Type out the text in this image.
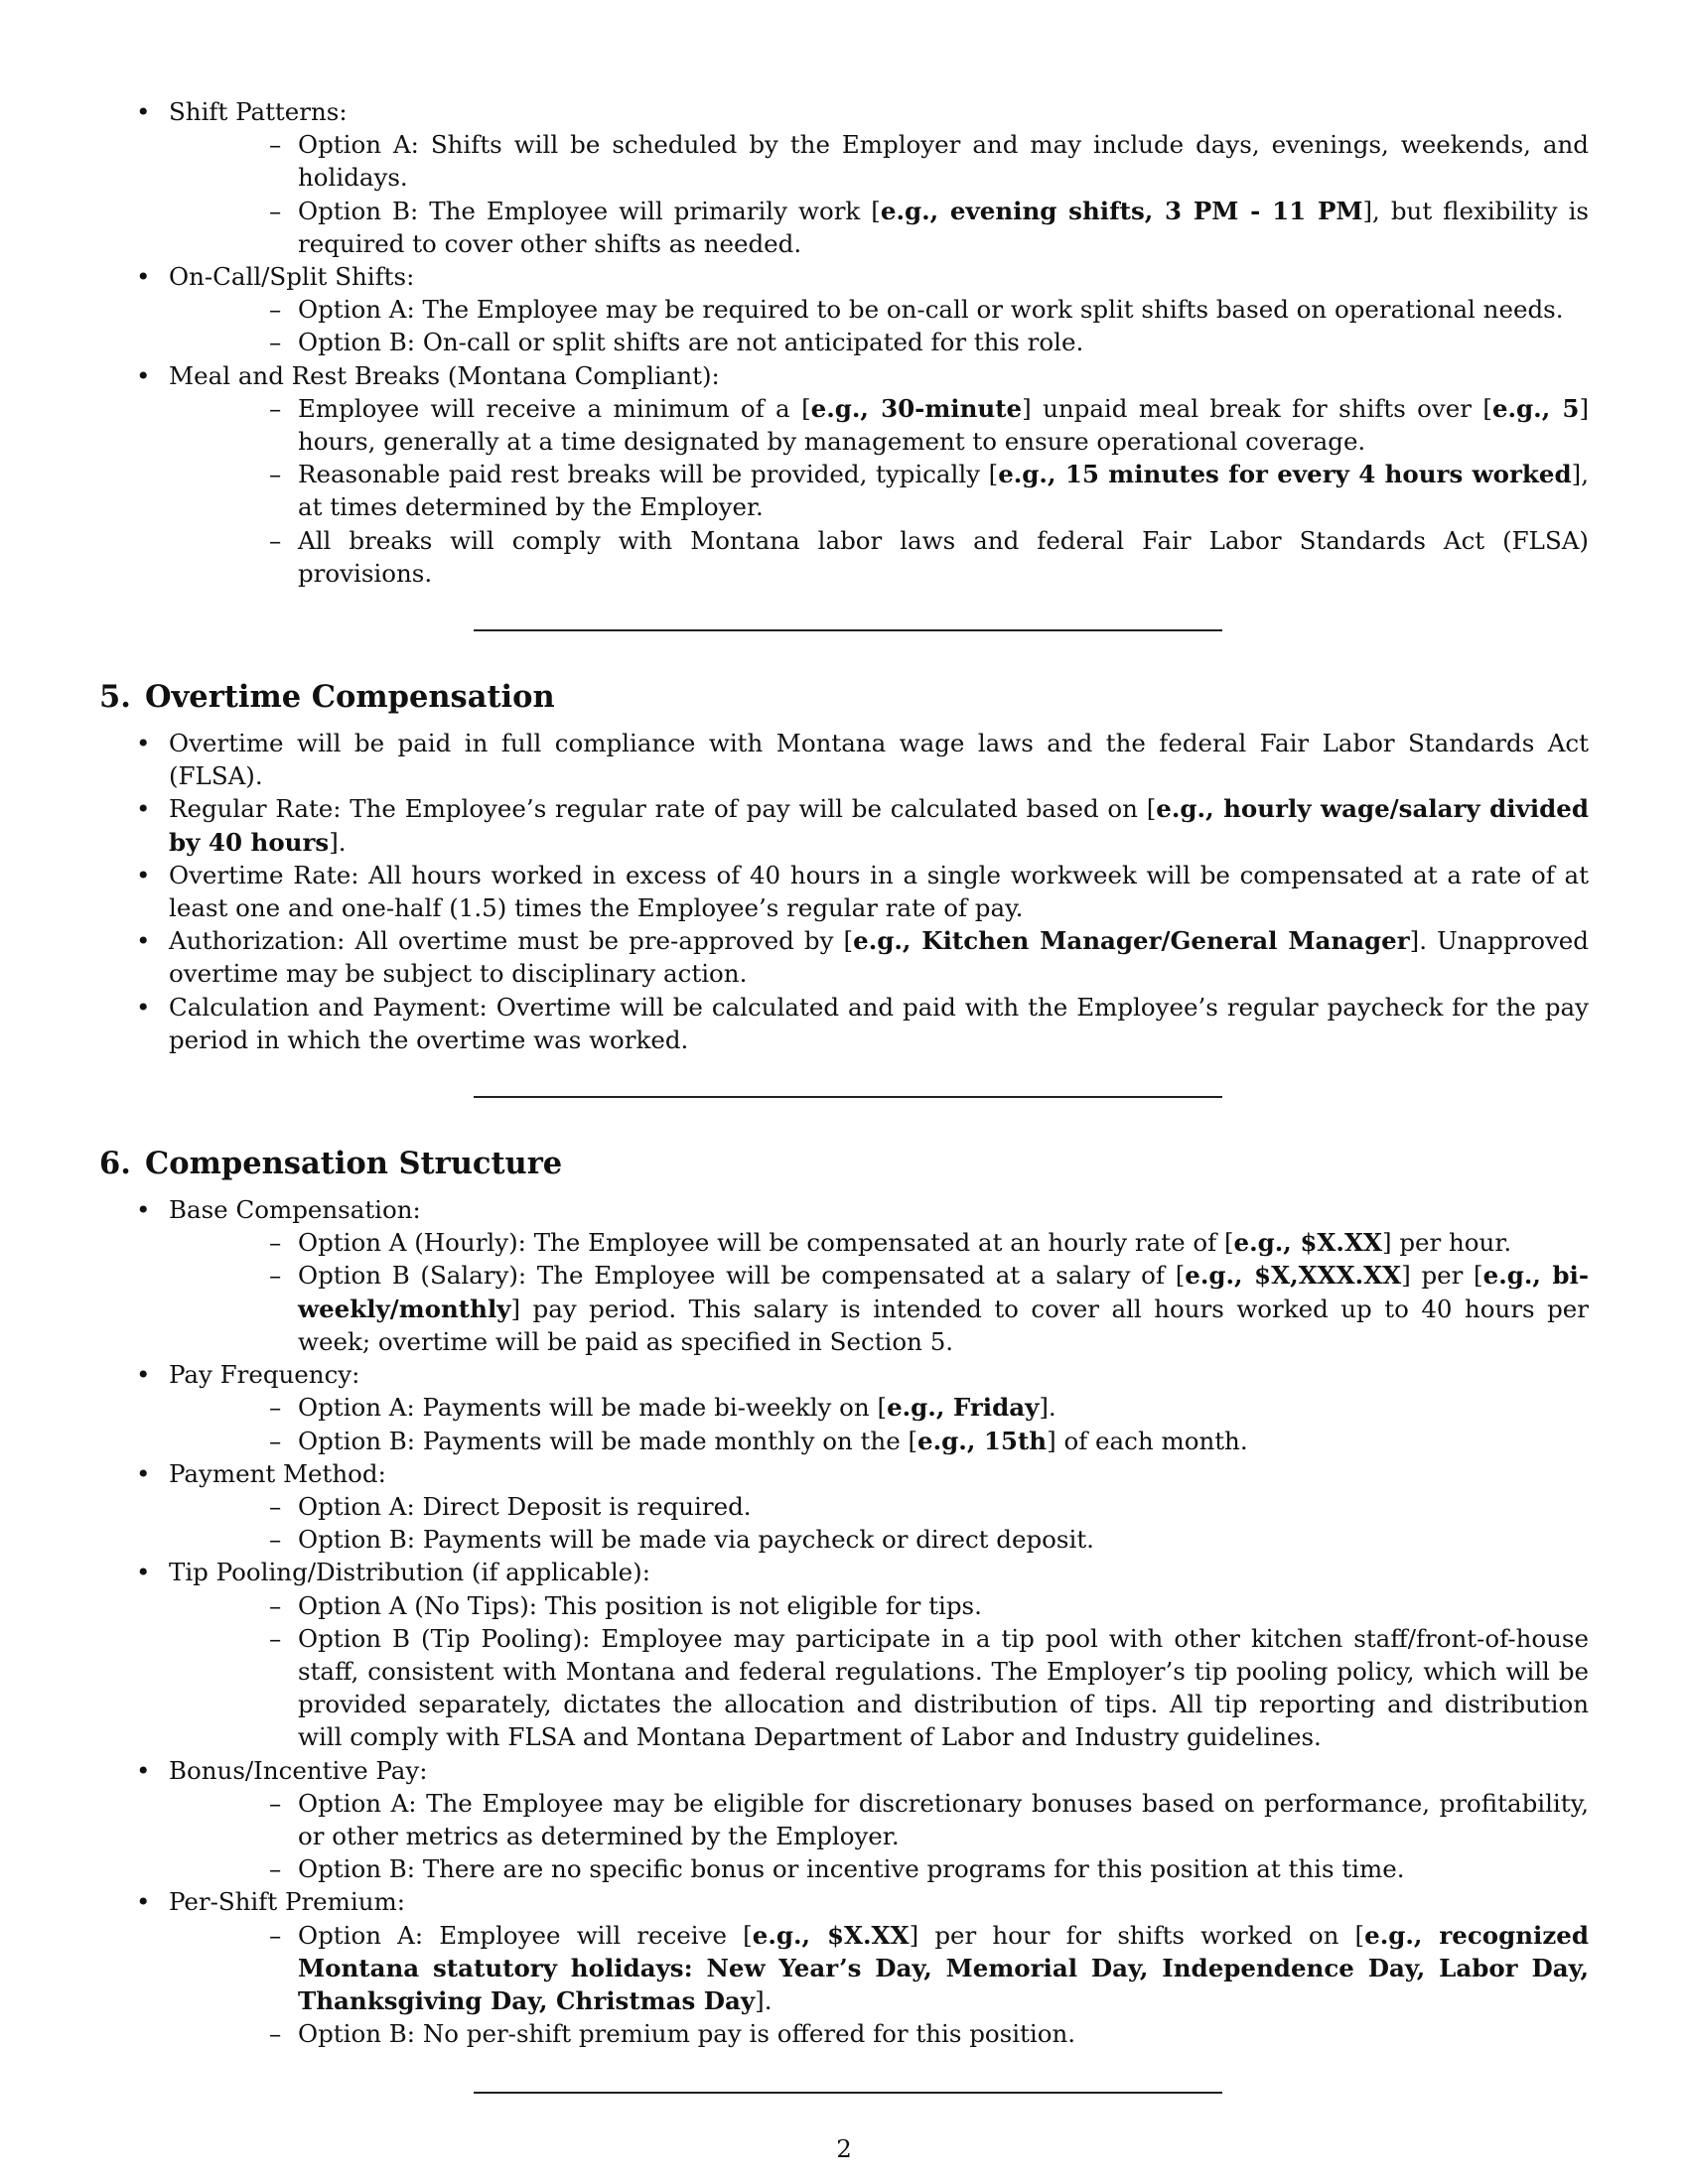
• Shift Patterns:
– Option A: Shifts will be scheduled by the Employer and may include days, evenings, weekends, and holidays.
– Option B: The Employee will primarily work [e.g., evening shifts, 3 PM - 11 PM], but flexibility is required to cover other shifts as needed.
• On-Call/Split Shifts:
– Option A: The Employee may be required to be on-call or work split shifts based on operational needs.
– Option B: On-call or split shifts are not anticipated for this role.
• Meal and Rest Breaks (Montana Compliant):
– Employee will receive a minimum of a [e.g., 30-minute] unpaid meal break for shifts over [e.g., 5] hours, generally at a time designated by management to ensure operational coverage.
– Reasonable paid rest breaks will be provided, typically [e.g., 15 minutes for every 4 hours worked], at times determined by the Employer.
– All breaks will comply with Montana labor laws and federal Fair Labor Standards Act (FLSA) provisions.
5. Overtime Compensation
• Overtime will be paid in full compliance with Montana wage laws and the federal Fair Labor Standards Act (FLSA).
• Regular Rate: The Employee’s regular rate of pay will be calculated based on [e.g., hourly wage/salary divided by 40 hours].
• Overtime Rate: All hours worked in excess of 40 hours in a single workweek will be compensated at a rate of at least one and one-half (1.5) times the Employee’s regular rate of pay.
• Authorization: All overtime must be pre-approved by [e.g., Kitchen Manager/General Manager]. Unapproved overtime may be subject to disciplinary action.
• Calculation and Payment: Overtime will be calculated and paid with the Employee’s regular paycheck for the pay period in which the overtime was worked.
6. Compensation Structure
• Base Compensation:
– Option A (Hourly): The Employee will be compensated at an hourly rate of [e.g., $X.XX] per hour.
– Option B (Salary): The Employee will be compensated at a salary of [e.g., $X,XXX.XX] per [e.g., bi-weekly/monthly] pay period. This salary is intended to cover all hours worked up to 40 hours per week; overtime will be paid as specified in Section 5.
• Pay Frequency:
– Option A: Payments will be made bi-weekly on [e.g., Friday].
– Option B: Payments will be made monthly on the [e.g., 15th] of each month.
• Payment Method:
– Option A: Direct Deposit is required.
– Option B: Payments will be made via paycheck or direct deposit.
• Tip Pooling/Distribution (if applicable):
– Option A (No Tips): This position is not eligible for tips.
– Option B (Tip Pooling): Employee may participate in a tip pool with other kitchen staff/front-of-house staff, consistent with Montana and federal regulations. The Employer’s tip pooling policy, which will be provided separately, dictates the allocation and distribution of tips. All tip reporting and distribution will comply with FLSA and Montana Department of Labor and Industry guidelines.
• Bonus/Incentive Pay:
– Option A: The Employee may be eligible for discretionary bonuses based on performance, profitability, or other metrics as determined by the Employer.
– Option B: There are no specific bonus or incentive programs for this position at this time.
• Per-Shift Premium:
– Option A: Employee will receive [e.g., $X.XX] per hour for shifts worked on [e.g., recognized Montana statutory holidays: New Year’s Day, Memorial Day, Independence Day, Labor Day, Thanksgiving Day, Christmas Day].
– Option B: No per-shift premium pay is offered for this position.
2
